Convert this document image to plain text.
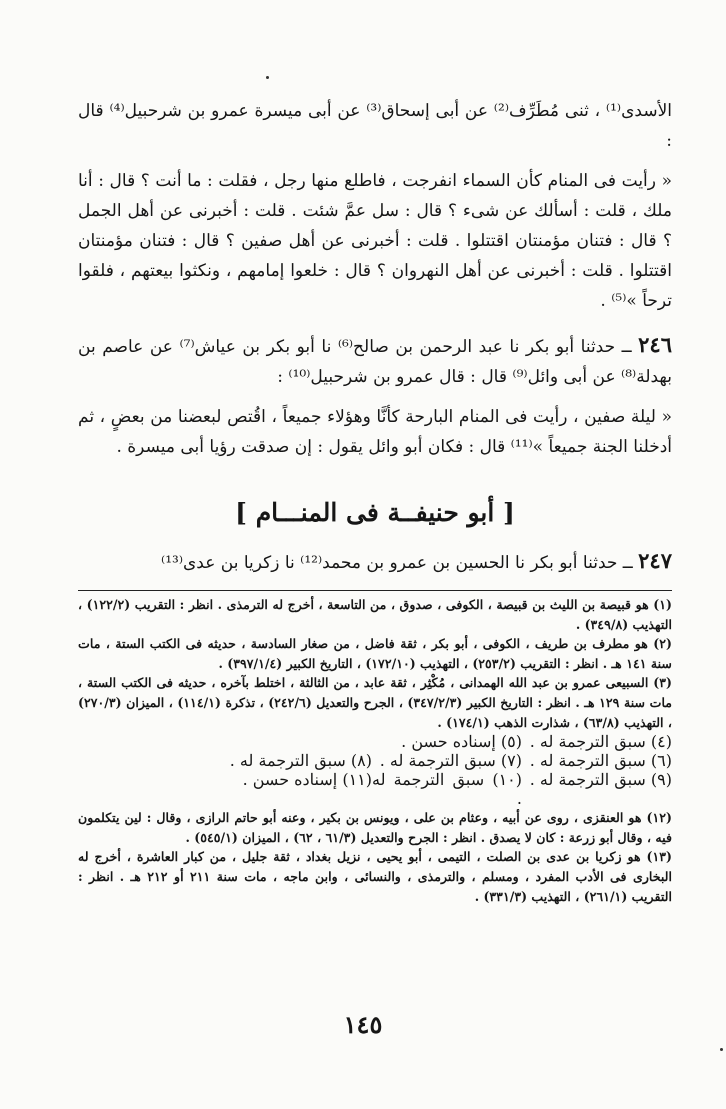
الأسدى⁽¹⁾ ، ثنى مُطَرِّف⁽²⁾ عن أبى إسحاق⁽³⁾ عن أبى ميسرة عمرو بن شرحبيل⁽⁴⁾ قال :

« رأيت فى المنام كأن السماء انفرجت ، فاطلع منها رجل ، فقلت : ما أنت ؟ قال : أنا ملك ، قلت : أسألك عن شىء ؟ قال : سل عمَّ شئت . قلت : أخبرنى عن أهل الجمل ؟ قال : فتنان مؤمنتان اقتتلوا . قلت : أخبرنى عن أهل صفين ؟ قال : فتنان مؤمنتان اقتتلوا . قلت : أخبرنى عن أهل النهروان ؟ قال : خلعوا إمامهم ، ونكثوا بيعتهم ، فلقوا ترحاً »⁽⁵⁾ .

٢٤٦ ــ حدثنا أبو بكر نا عبد الرحمن بن صالح⁽⁶⁾ نا أبو بكر بن عياش⁽⁷⁾ عن عاصم بن بهدلة⁽⁸⁾ عن أبى وائل⁽⁹⁾ قال : قال عمرو بن شرحبيل⁽¹⁰⁾ :

« ليلة صفين ، رأيت فى المنام البارحة كأنَّا وهؤلاء جميعاً ، اقُتص لبعضنا من بعضٍ ، ثم أدخلنا الجنة جميعاً »⁽¹¹⁾ قال : فكان أبو وائل يقول : إن صدقت رؤيا أبى ميسرة .

[ أبو حنيفــة فى المنـــام ]

٢٤٧ ــ حدثنا أبو بكر نا الحسين بن عمرو بن محمد⁽¹²⁾ نا زكريا بن عدى⁽¹³⁾

(١) هو قبيصة بن الليث بن قبيصة ، الكوفى ، صدوق ، من التاسعة ، أخرج له الترمذى . انظر : التقريب (١٢٢/٢) ، التهذيب (٣٤٩/٨) .

(٢) هو مطرف بن طريف ، الكوفى ، أبو بكر ، ثقة فاضل ، من صغار السادسة ، حديثه فى الكتب الستة ، مات سنة ١٤١ هـ . انظر : التقريب (٢٥٣/٢) ، التهذيب (١٧٢/١٠) ، التاريخ الكبير (٣٩٧/١/٤) .

(٣) السبيعى عمرو بن عبد الله الهمدانى ، مُكْثِر ، ثقة عابد ، من الثالثة ، اختلط بآخره ، حديثه فى الكتب الستة ، مات سنة ١٢٩ هـ . انظر : التاريخ الكبير (٣٤٧/٢/٣) ، الجرح والتعديل (٢٤٢/٦) ، تذكرة (١١٤/١) ، الميزان (٢٧٠/٣) ، التهذيب (٦٣/٨) ، شذارت الذهب (١٧٤/١) .

(٤) سبق الترجمة له .
(٥) إسناده حسن .
(٦) سبق الترجمة له .
(٧) سبق الترجمة له .
(٨) سبق الترجمة له .
(٩) سبق الترجمة له .
(١٠) سبق الترجمة له .
(١١) إسناده حسن .

(١٢) هو العنقزى ، روى عن أبيه ، وعثام بن على ، ويونس بن بكير ، وعنه أبو حاتم الرازى ، وقال : لين يتكلمون فيه ، وقال أبو زرعة : كان لا يصدق . انظر : الجرح والتعديل (٦١/٣ ، ٦٢) ، الميزان (٥٤٥/١) .

(١٣) هو زكريا بن عدى بن الصلت ، التيمى ، أبو يحيى ، نزيل بغداد ، ثقة جليل ، من كبار العاشرة ، أخرج له البخارى فى الأدب المفرد ، ومسلم ، والترمذى ، والنسائى ، وابن ماجه ، مات سنة ٢١١ أو ٢١٢ هـ . انظر : التقريب (٢٦١/١) ، التهذيب (٣٣١/٣) .

١٤٥
